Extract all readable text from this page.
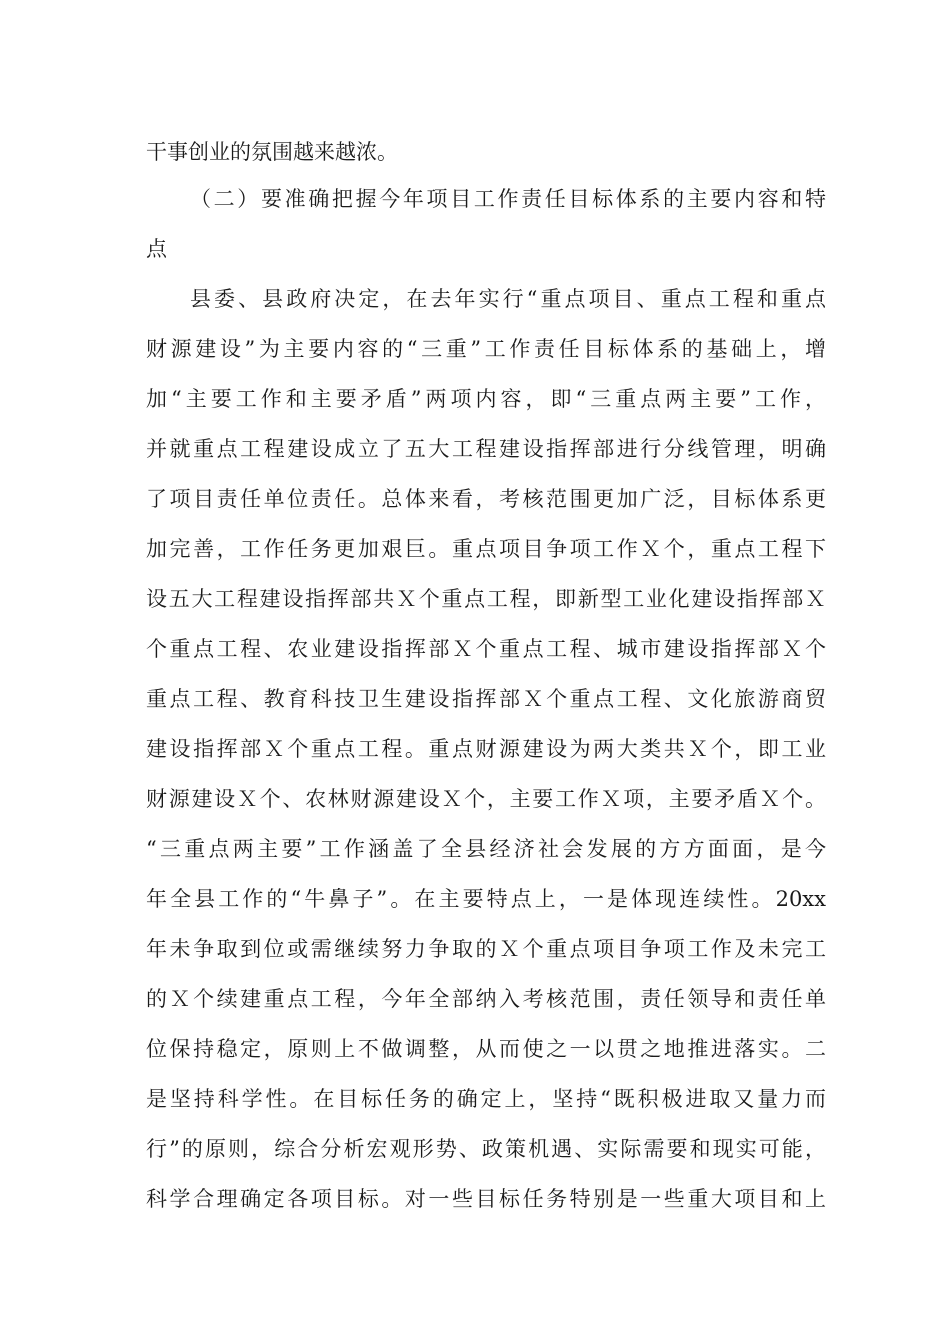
干事创业的氛围越来越浓。
（二）要准确把握今年项目工作责任目标体系的主要内容和特
点
县委、县政府决定，在去年实行“重点项目、重点工程和重点
财源建设”为主要内容的“三重”工作责任目标体系的基础上，增
加“主要工作和主要矛盾”两项内容，即“三重点两主要”工作，
并就重点工程建设成立了五大工程建设指挥部进行分线管理，明确
了项目责任单位责任。总体来看，考核范围更加广泛，目标体系更
加完善，工作任务更加艰巨。重点项目争项工作Ｘ个，重点工程下
设五大工程建设指挥部共Ｘ个重点工程，即新型工业化建设指挥部Ｘ
个重点工程、农业建设指挥部Ｘ个重点工程、城市建设指挥部Ｘ个
重点工程、教育科技卫生建设指挥部Ｘ个重点工程、文化旅游商贸
建设指挥部Ｘ个重点工程。重点财源建设为两大类共Ｘ个，即工业
财源建设Ｘ个、农林财源建设Ｘ个，主要工作Ｘ项，主要矛盾Ｘ个。
“三重点两主要”工作涵盖了全县经济社会发展的方方面面，是今
年全县工作的“牛鼻子”。在主要特点上，一是体现连续性。20xx
年未争取到位或需继续努力争取的Ｘ个重点项目争项工作及未完工
的Ｘ个续建重点工程，今年全部纳入考核范围，责任领导和责任单
位保持稳定，原则上不做调整，从而使之一以贯之地推进落实。二
是坚持科学性。在目标任务的确定上，坚持“既积极进取又量力而
行”的原则，综合分析宏观形势、政策机遇、实际需要和现实可能，
科学合理确定各项目标。对一些目标任务特别是一些重大项目和上
